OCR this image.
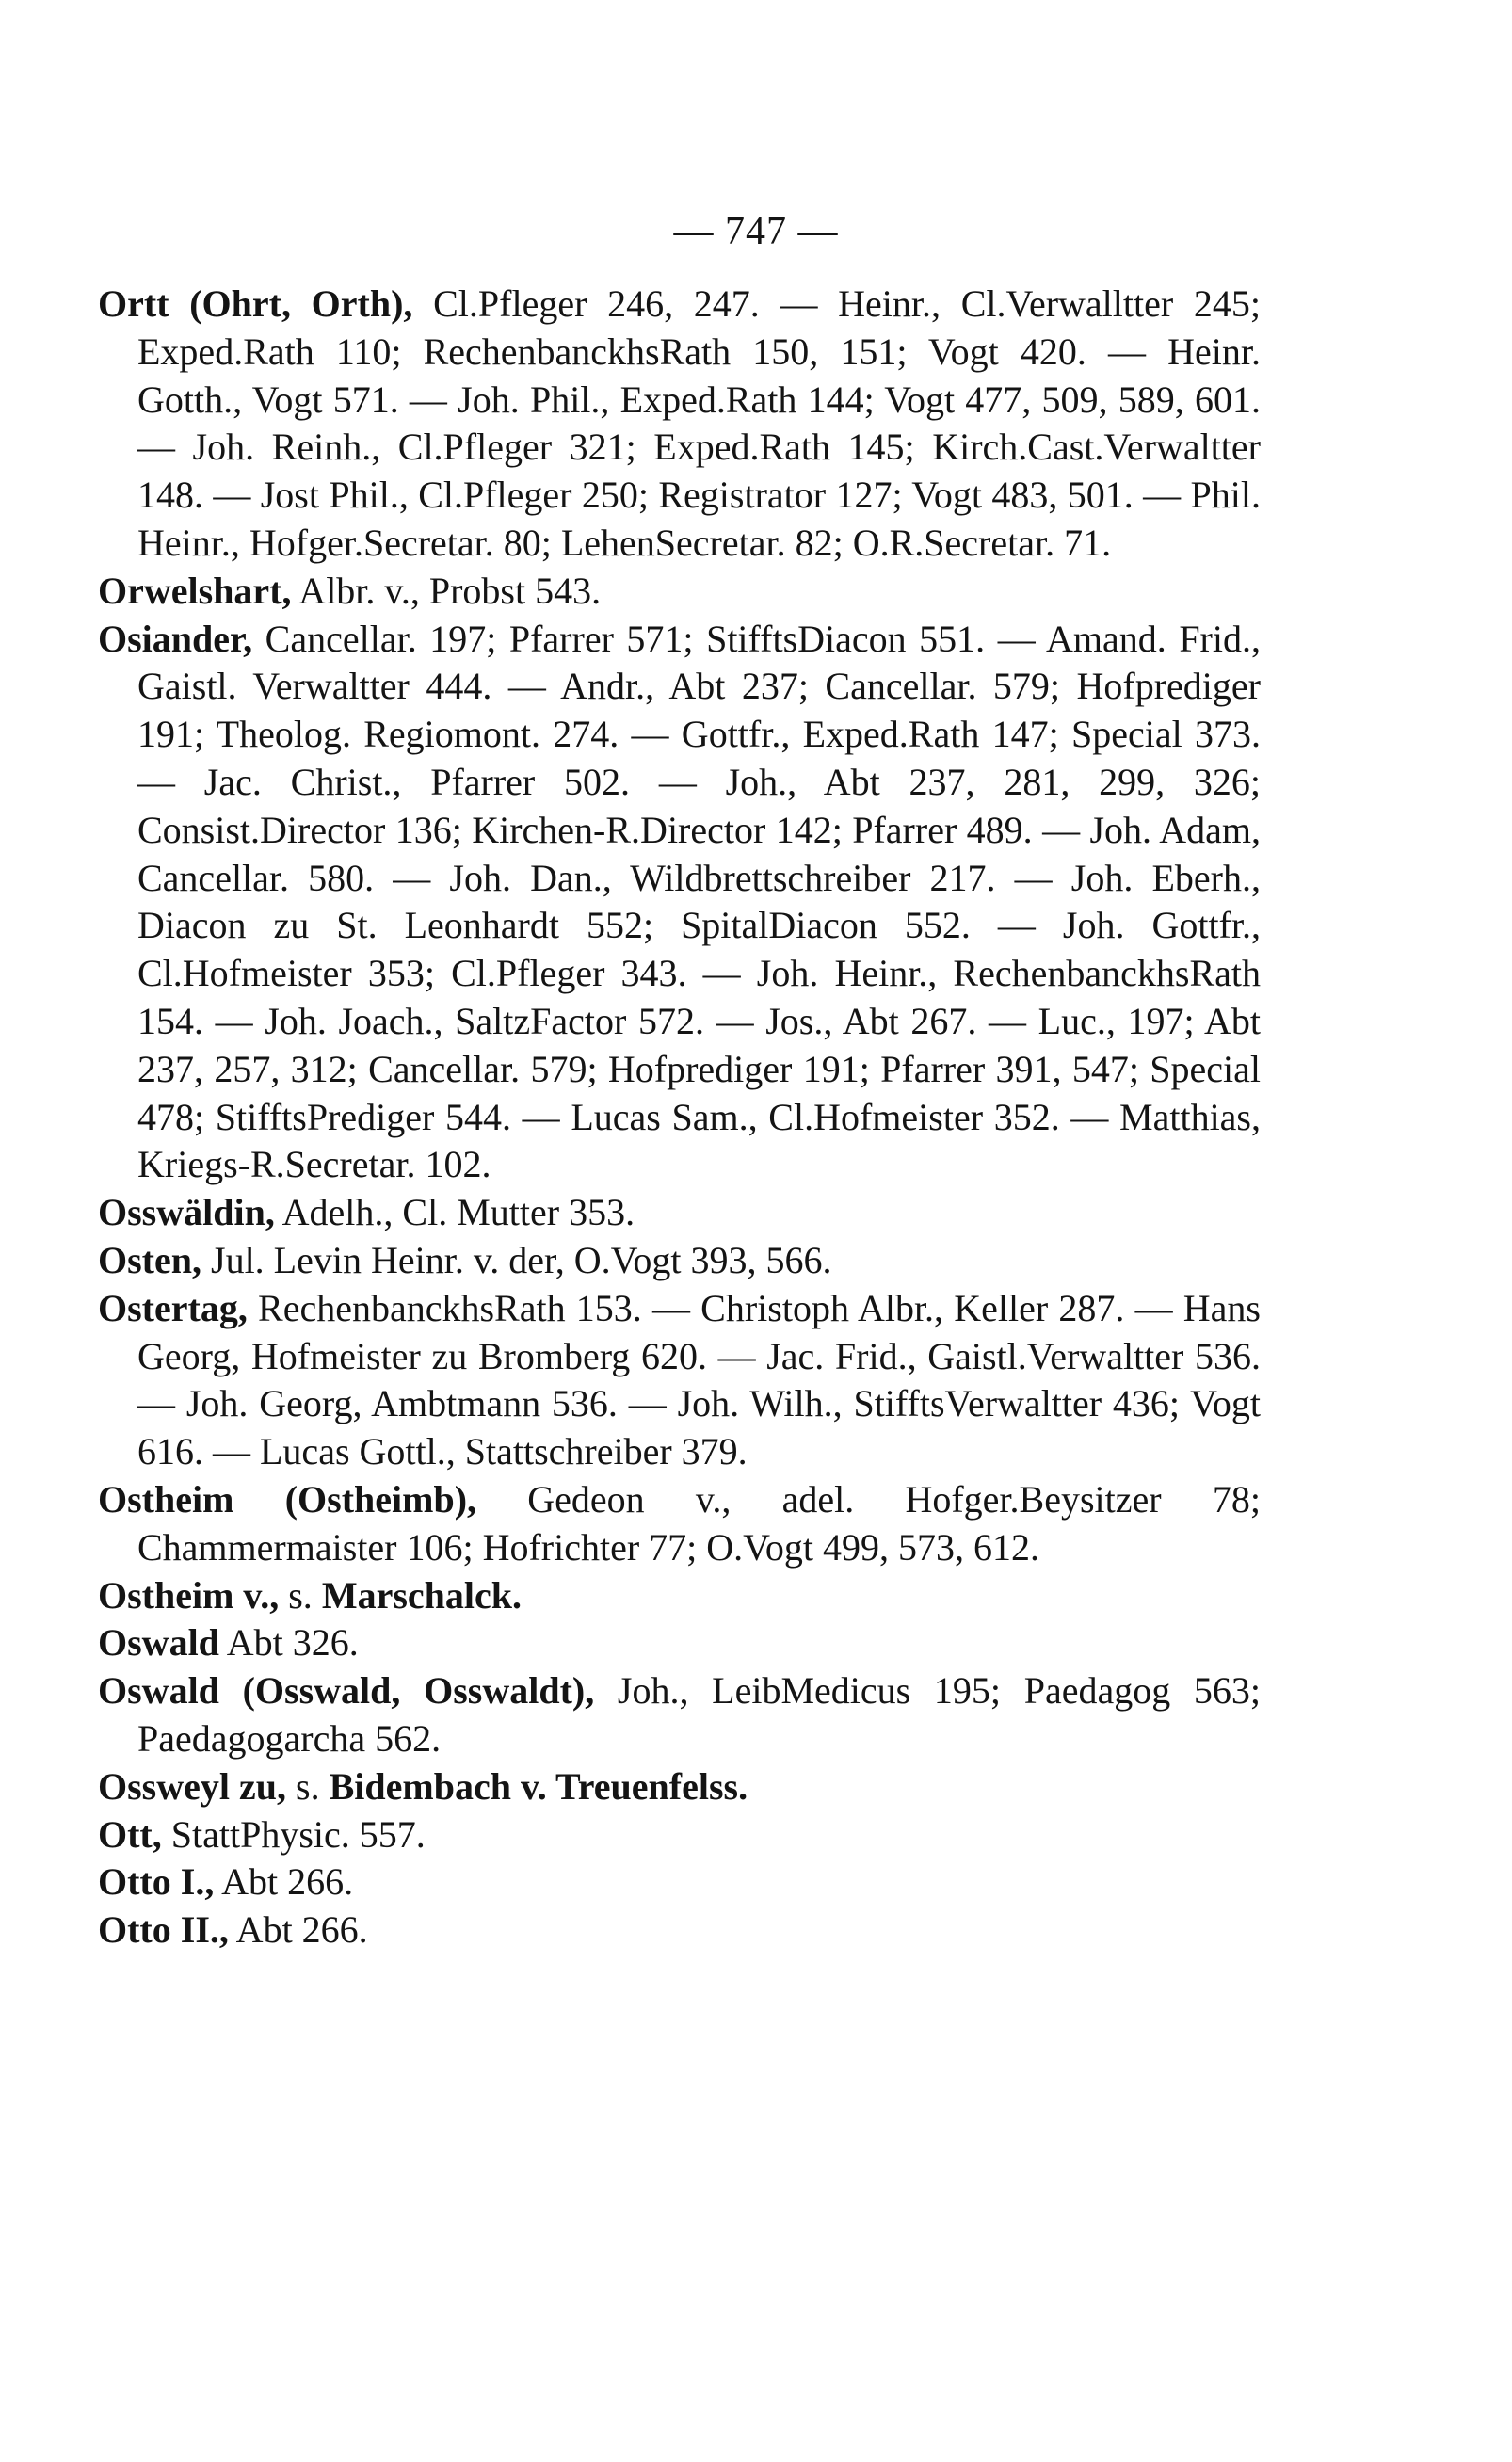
— 747 —

Ortt (Ohrt, Orth), Cl.Pfleger 246, 247. — Heinr., Cl.Verwalltter 245; Exped.Rath 110; RechenbanckhsRath 150, 151; Vogt 420. — Heinr. Gotth., Vogt 571. — Joh. Phil., Exped.Rath 144; Vogt 477, 509, 589, 601. — Joh. Reinh., Cl.Pfleger 321; Exped.Rath 145; Kirch.Cast.Verwaltter 148. — Jost Phil., Cl.Pfleger 250; Registrator 127; Vogt 483, 501. — Phil. Heinr., Hofger.Secretar. 80; LehenSecretar. 82; O.R.Secretar. 71.

Orwelshart, Albr. v., Probst 543.

Osiander, Cancellar. 197; Pfarrer 571; StifftsDiacon 551. — Amand. Frid., Gaistl. Verwaltter 444. — Andr., Abt 237; Cancellar. 579; Hofprediger 191; Theolog. Regiomont. 274. — Gottfr., Exped.Rath 147; Special 373. — Jac. Christ., Pfarrer 502. — Joh., Abt 237, 281, 299, 326; Consist.Director 136; Kirchen-R.Director 142; Pfarrer 489. — Joh. Adam, Cancellar. 580. — Joh. Dan., Wildbrettschreiber 217. — Joh. Eberh., Diacon zu St. Leonhardt 552; SpitalDiacon 552. — Joh. Gottfr., Cl.Hofmeister 353; Cl.Pfleger 343. — Joh. Heinr., RechenbanckhsRath 154. — Joh. Joach., SaltzFactor 572. — Jos., Abt 267. — Luc., 197; Abt 237, 257, 312; Cancellar. 579; Hofprediger 191; Pfarrer 391, 547; Special 478; StifftsPrediger 544. — Lucas Sam., Cl.Hofmeister 352. — Matthias, Kriegs-R.Secretar. 102.

Osswäldin, Adelh., Cl. Mutter 353.

Osten, Jul. Levin Heinr. v. der, O.Vogt 393, 566.

Ostertag, RechenbanckhsRath 153. — Christoph Albr., Keller 287. — Hans Georg, Hofmeister zu Bromberg 620. — Jac. Frid., Gaistl.Verwaltter 536. — Joh. Georg, Ambtmann 536. — Joh. Wilh., StifftsVerwaltter 436; Vogt 616. — Lucas Gottl., Stattschreiber 379.

Ostheim (Ostheimb), Gedeon v., adel. Hofger.Beysitzer 78; Chammermaister 106; Hofrichter 77; O.Vogt 499, 573, 612.

Ostheim v., s. Marschalck.

Oswald Abt 326.

Oswald (Osswald, Osswaldt), Joh., LeibMedicus 195; Paedagog 563; Paedagogarcha 562.

Ossweyl zu, s. Bidembach v. Treuenfelss.

Ott, StattPhysic. 557.

Otto I., Abt 266.

Otto II., Abt 266.
